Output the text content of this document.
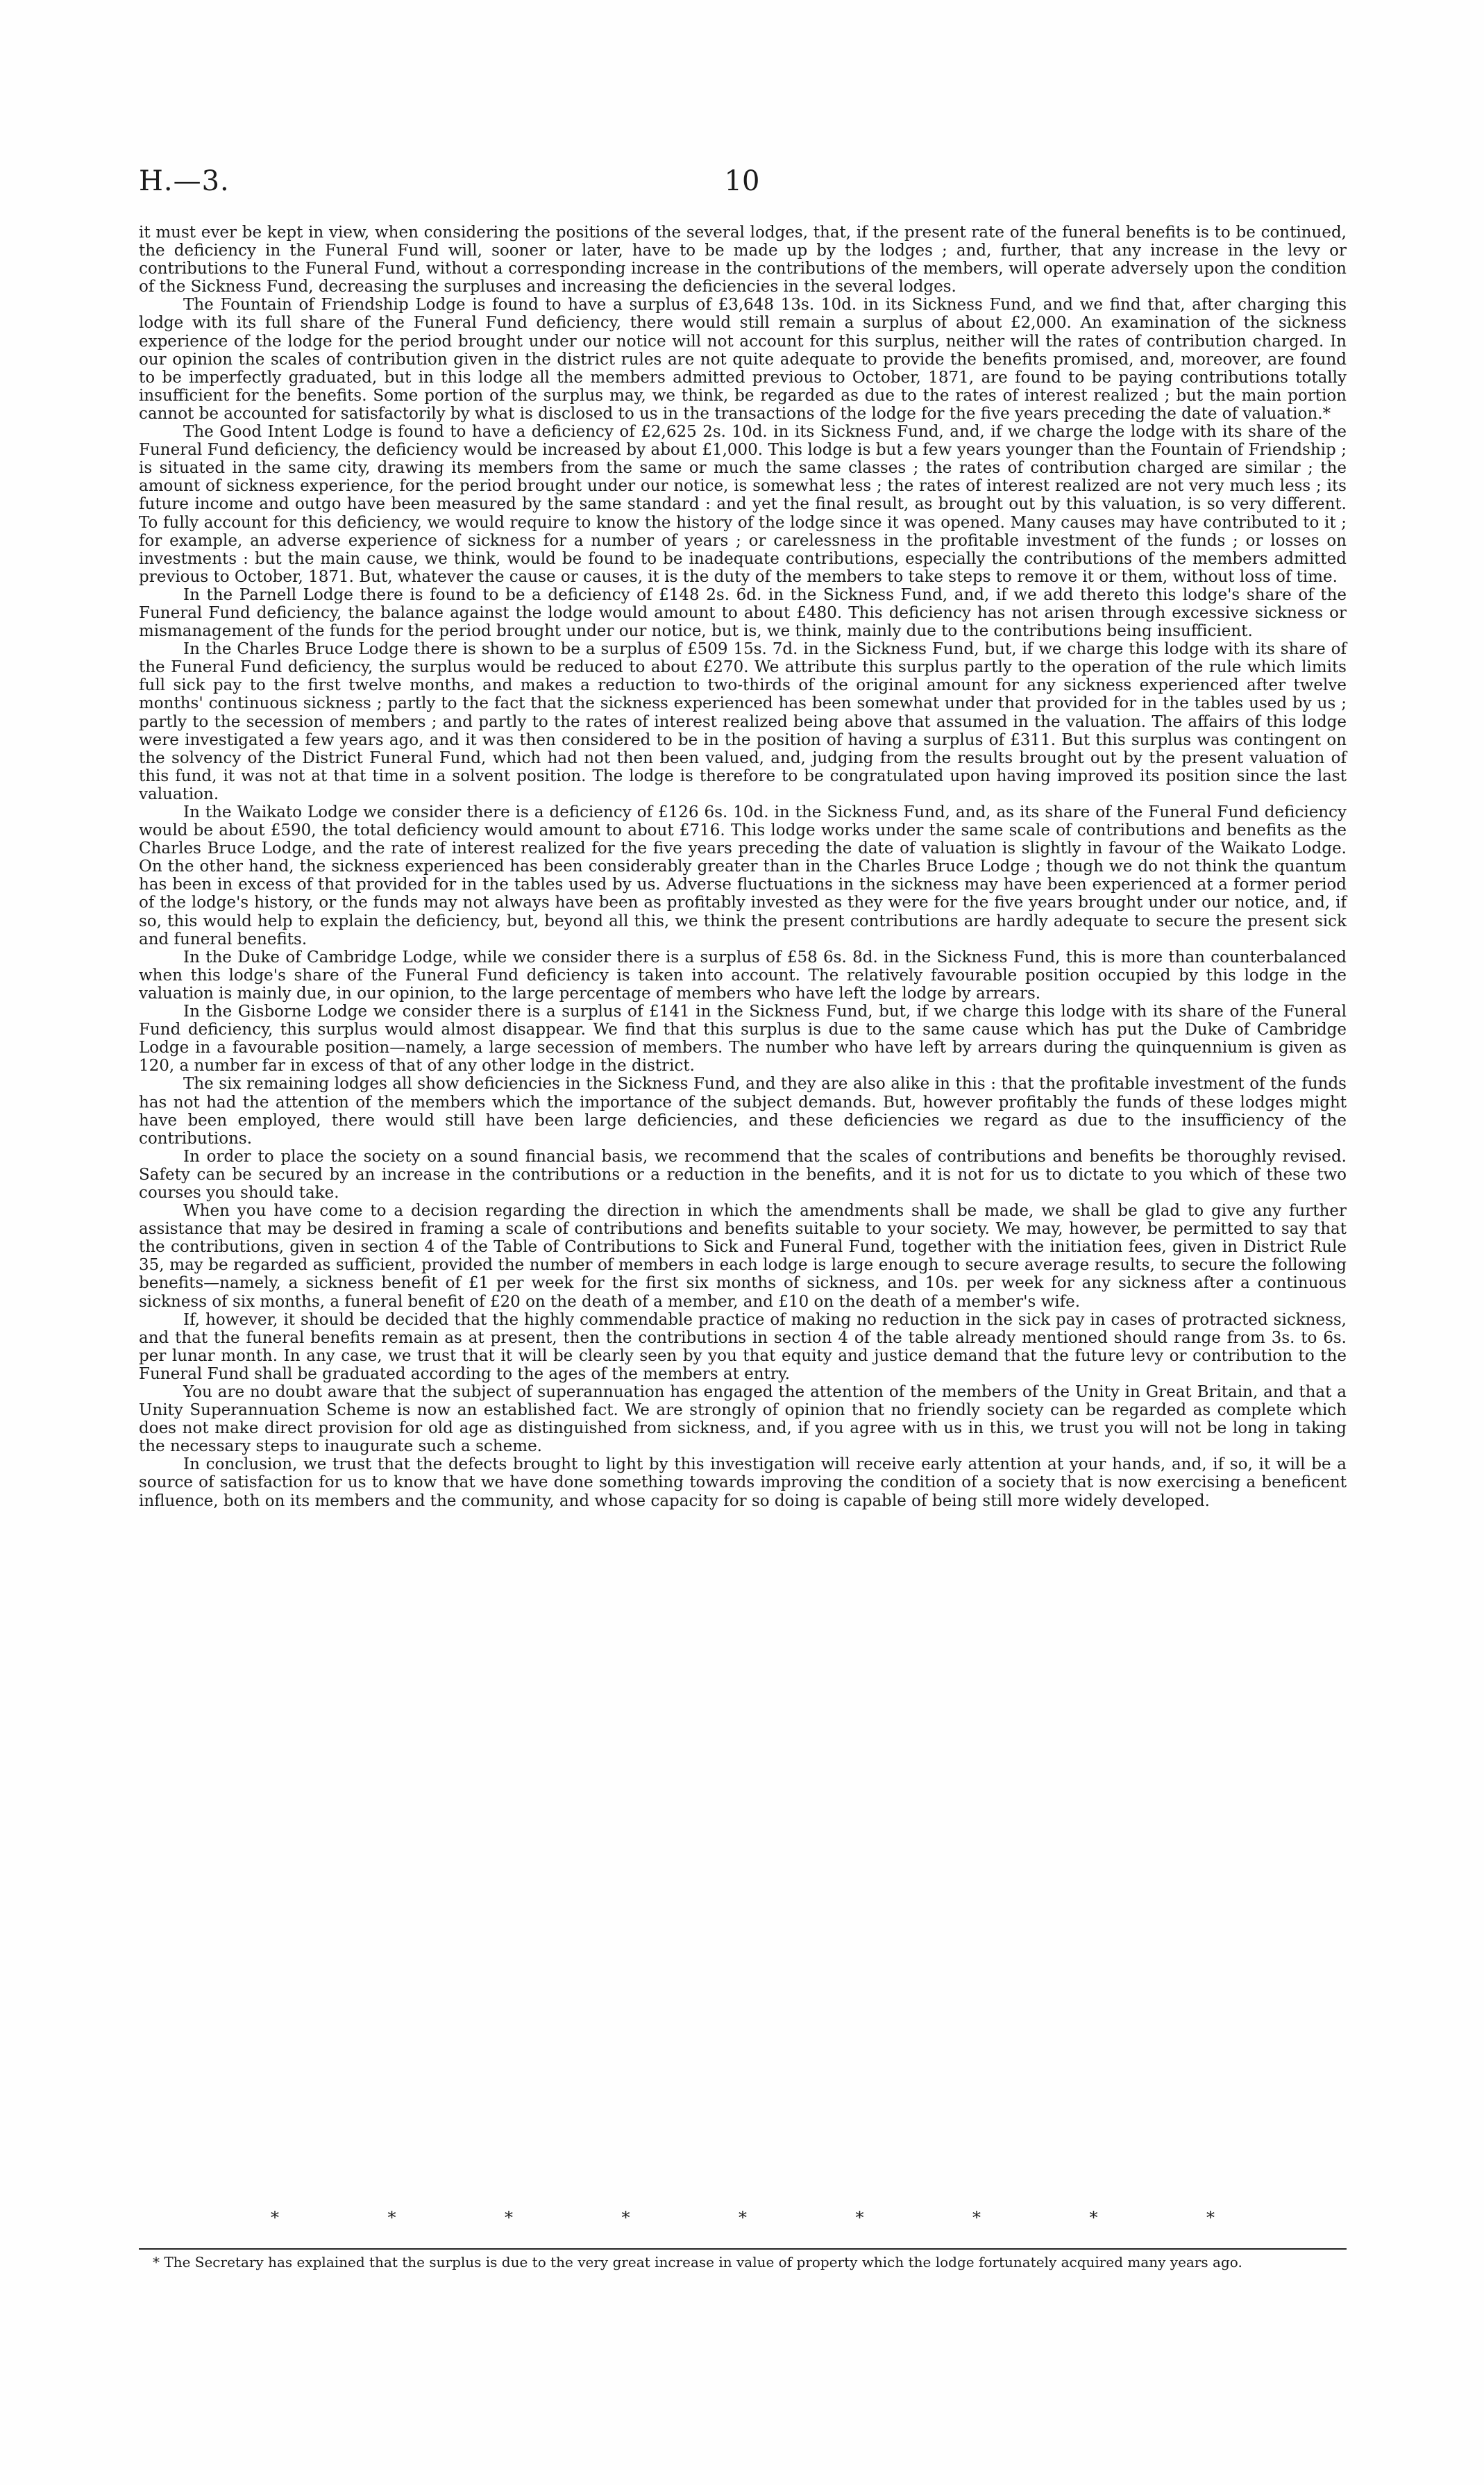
H.—3.	10

it must ever be kept in view, when considering the positions of the several lodges, that, if the present rate of the funeral benefits is to be continued, the deficiency in the Funeral Fund will, sooner or later, have to be made up by the lodges ; and, further, that any increase in the levy or contributions to the Funeral Fund, without a corresponding increase in the contributions of the members, will operate adversely upon the condition of the Sickness Fund, decreasing the surpluses and increasing the deficiencies in the several lodges.

The Fountain of Friendship Lodge is found to have a surplus of £3,648 13s. 10d. in its Sickness Fund, and we find that, after charging this lodge with its full share of the Funeral Fund deficiency, there would still remain a surplus of about £2,000. An examination of the sickness experience of the lodge for the period brought under our notice will not account for this surplus, neither will the rates of contribution charged. In our opinion the scales of contribution given in the district rules are not quite adequate to provide the benefits promised, and, moreover, are found to be imperfectly graduated, but in this lodge all the members admitted previous to October, 1871, are found to be paying contributions totally insufficient for the benefits. Some portion of the surplus may, we think, be regarded as due to the rates of interest realized ; but the main portion cannot be accounted for satisfactorily by what is disclosed to us in the transactions of the lodge for the five years preceding the date of valuation.*

The Good Intent Lodge is found to have a deficiency of £2,625 2s. 10d. in its Sickness Fund, and, if we charge the lodge with its share of the Funeral Fund deficiency, the deficiency would be increased by about £1,000. This lodge is but a few years younger than the Fountain of Friendship ; is situated in the same city, drawing its members from the same or much the same classes ; the rates of contribution charged are similar ; the amount of sickness experience, for the period brought under our notice, is somewhat less ; the rates of interest realized are not very much less ; its future income and outgo have been measured by the same standard : and yet the final result, as brought out by this valuation, is so very different. To fully account for this deficiency, we would require to know the history of the lodge since it was opened. Many causes may have contributed to it ; for example, an adverse experience of sickness for a number of years ; or carelessness in the profitable investment of the funds ; or losses on investments : but the main cause, we think, would be found to be inadequate contributions, especially the contributions of the members admitted previous to October, 1871. But, whatever the cause or causes, it is the duty of the members to take steps to remove it or them, without loss of time.

In the Parnell Lodge there is found to be a deficiency of £148 2s. 6d. in the Sickness Fund, and, if we add thereto this lodge's share of the Funeral Fund deficiency, the balance against the lodge would amount to about £480. This deficiency has not arisen through excessive sickness or mismanagement of the funds for the period brought under our notice, but is, we think, mainly due to the contributions being insufficient.

In the Charles Bruce Lodge there is shown to be a surplus of £509 15s. 7d. in the Sickness Fund, but, if we charge this lodge with its share of the Funeral Fund deficiency, the surplus would be reduced to about £270. We attribute this surplus partly to the operation of the rule which limits full sick pay to the first twelve months, and makes a reduction to two-thirds of the original amount for any sickness experienced after twelve months' continuous sickness ; partly to the fact that the sickness experienced has been somewhat under that provided for in the tables used by us ; partly to the secession of members ; and partly to the rates of interest realized being above that assumed in the valuation. The affairs of this lodge were investigated a few years ago, and it was then considered to be in the position of having a surplus of £311. But this surplus was contingent on the solvency of the District Funeral Fund, which had not then been valued, and, judging from the results brought out by the present valuation of this fund, it was not at that time in a solvent position. The lodge is therefore to be congratulated upon having improved its position since the last valuation.

In the Waikato Lodge we consider there is a deficiency of £126 6s. 10d. in the Sickness Fund, and, as its share of the Funeral Fund deficiency would be about £590, the total deficiency would amount to about £716. This lodge works under the same scale of contributions and benefits as the Charles Bruce Lodge, and the rate of interest realized for the five years preceding the date of valuation is slightly in favour of the Waikato Lodge. On the other hand, the sickness experienced has been considerably greater than in the Charles Bruce Lodge ; though we do not think the quantum has been in excess of that provided for in the tables used by us. Adverse fluctuations in the sickness may have been experienced at a former period of the lodge's history, or the funds may not always have been as profitably invested as they were for the five years brought under our notice, and, if so, this would help to explain the deficiency, but, beyond all this, we think the present contributions are hardly adequate to secure the present sick and funeral benefits.

In the Duke of Cambridge Lodge, while we consider there is a surplus of £58 6s. 8d. in the Sickness Fund, this is more than counterbalanced when this lodge's share of the Funeral Fund deficiency is taken into account. The relatively favourable position occupied by this lodge in the valuation is mainly due, in our opinion, to the large percentage of members who have left the lodge by arrears.

In the Gisborne Lodge we consider there is a surplus of £141 in the Sickness Fund, but, if we charge this lodge with its share of the Funeral Fund deficiency, this surplus would almost disappear. We find that this surplus is due to the same cause which has put the Duke of Cambridge Lodge in a favourable position—namely, a large secession of members. The number who have left by arrears during the quinquennium is given as 120, a number far in excess of that of any other lodge in the district.

The six remaining lodges all show deficiencies in the Sickness Fund, and they are also alike in this : that the profitable investment of the funds has not had the attention of the members which the importance of the subject demands. But, however profitably the funds of these lodges might have been employed, there would still have been large deficiencies, and these deficiencies we regard as due to the insufficiency of the contributions.

In order to place the society on a sound financial basis, we recommend that the scales of contributions and benefits be thoroughly revised. Safety can be secured by an increase in the contributions or a reduction in the benefits, and it is not for us to dictate to you which of these two courses you should take.

When you have come to a decision regarding the direction in which the amendments shall be made, we shall be glad to give any further assistance that may be desired in framing a scale of contributions and benefits suitable to your society. We may, however, be permitted to say that the contributions, given in section 4 of the Table of Contributions to Sick and Funeral Fund, together with the initiation fees, given in District Rule 35, may be regarded as sufficient, provided the number of members in each lodge is large enough to secure average results, to secure the following benefits—namely, a sickness benefit of £1 per week for the first six months of sickness, and 10s. per week for any sickness after a continuous sickness of six months, a funeral benefit of £20 on the death of a member, and £10 on the death of a member's wife.

If, however, it should be decided that the highly commendable practice of making no reduction in the sick pay in cases of protracted sickness, and that the funeral benefits remain as at present, then the contributions in section 4 of the table already mentioned should range from 3s. to 6s. per lunar month. In any case, we trust that it will be clearly seen by you that equity and justice demand that the future levy or contribution to the Funeral Fund shall be graduated according to the ages of the members at entry.

You are no doubt aware that the subject of superannuation has engaged the attention of the members of the Unity in Great Britain, and that a Unity Superannuation Scheme is now an established fact. We are strongly of opinion that no friendly society can be regarded as complete which does not make direct provision for old age as distinguished from sickness, and, if you agree with us in this, we trust you will not be long in taking the necessary steps to inaugurate such a scheme.

In conclusion, we trust that the defects brought to light by this investigation will receive early attention at your hands, and, if so, it will be a source of satisfaction for us to know that we have done something towards improving the condition of a society that is now exercising a beneficent influence, both on its members and the community, and whose capacity for so doing is capable of being still more widely developed.

*	*	*	*	*	*	*	*	*
* The Secretary has explained that the surplus is due to the very great increase in value of property which the lodge fortunately acquired many years ago.
